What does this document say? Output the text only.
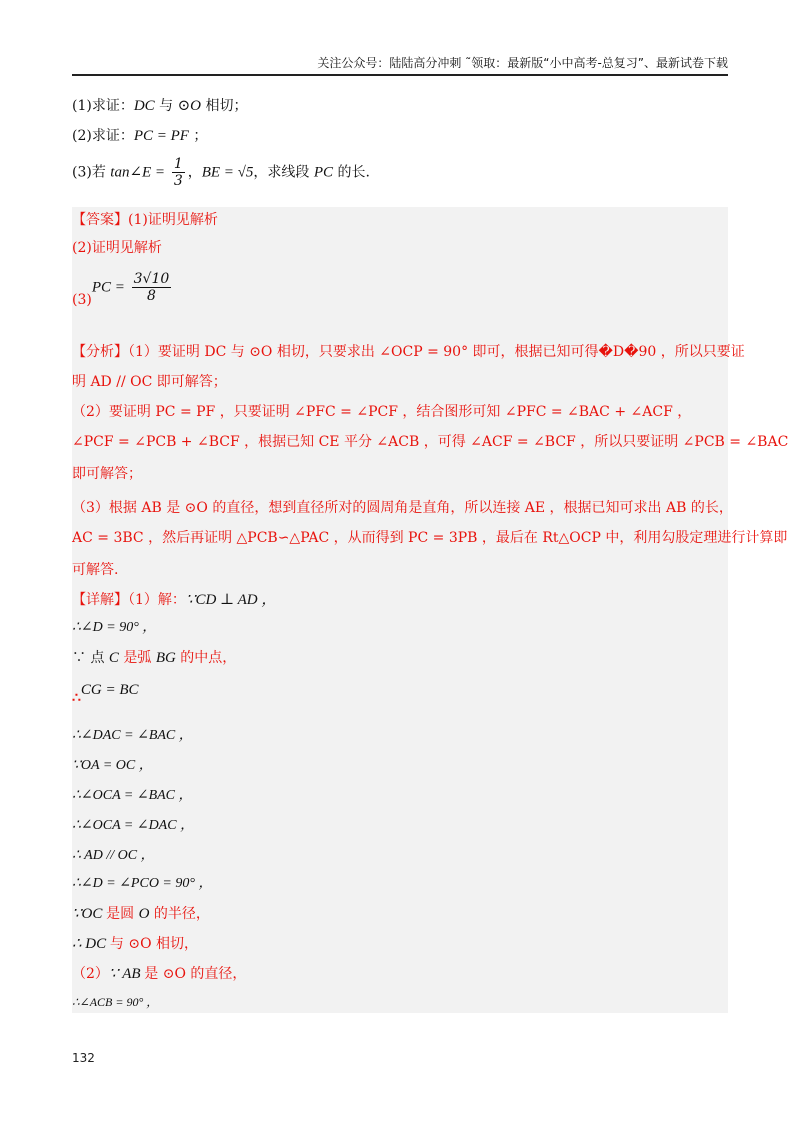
关注公众号：陆陆高分冲刺 ˜领取：最新版“小中高考-总复习”、最新试卷下载
(1)求证：DC 与 ⊙O 相切；
(2)求证：PC = PF ；
(3)若 tan∠E = $\frac{1}{3}$ ，BE = √5，求线段 PC 的长.
【答案】(1)证明见解析
(2)证明见解析
$(3)PC = \frac{3√10}{8}$
【分析】（1）要证明 DC 与 ⊙O 相切，只要求出 ∠OCP = 90° 即可，根据已知可得�D�90 ，所以只要证
明 AD // OC 即可解答；
（2）要证明 PC = PF ，只要证明 ∠PFC = ∠PCF ，结合图形可知 ∠PFC = ∠BAC + ∠ACF ，
∠PCF = ∠PCB + ∠BCF ，根据已知 CE 平分 ∠ACB ，可得 ∠ACF = ∠BCF ，所以只要证明 ∠PCB = ∠BAC
即可解答；
（3）根据 AB 是 ⊙O 的直径，想到直径所对的圆周角是直角，所以连接 AE ，根据已知可求出 AB 的长，
AC = 3BC ，然后再证明 △PCB∽△PAC ，从而得到 PC = 3PB ，最后在 Rt△OCP 中，利用勾股定理进行计算即
可解答.
【详解】（1）解：∵CD ⊥ AD ，
∴∠D = 90° ，
∵ 点 C 是弧 BG 的中点，
∴CG = BC
∴∠DAC = ∠BAC ，
∵OA = OC ，
∴∠OCA = ∠BAC ，
∴∠OCA = ∠DAC ，
∴ AD // OC ，
∴∠D = ∠PCO = 90° ，
∵OC 是圆 O 的半径，
∴ DC 与 ⊙O 相切，
（2）∵ AB 是 ⊙O 的直径，
∴∠ACB = 90° ，
132
